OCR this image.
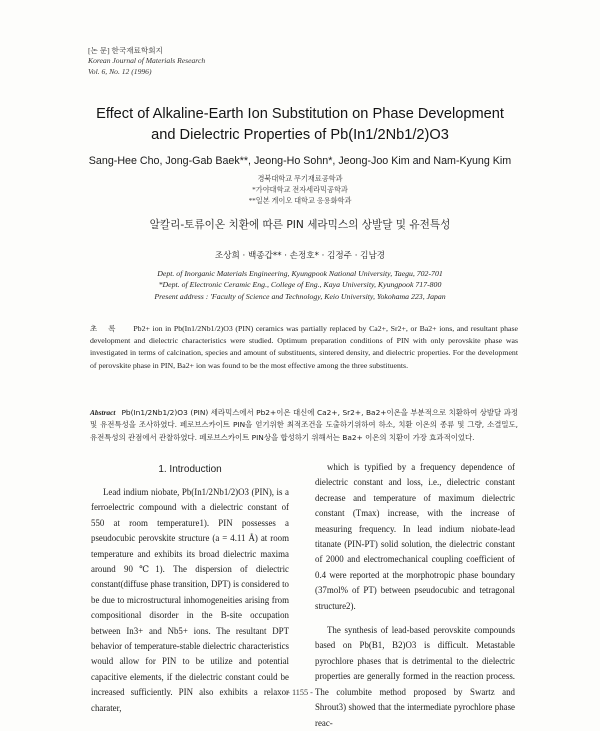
[논 문] 한국재료학회지
Korean Journal of Materials Research
Vol. 6, No. 12 (1996)
Effect of Alkaline-Earth Ion Substitution on Phase Development
and Dielectric Properties of Pb(In1/2Nb1/2)O3
Sang-Hee Cho, Jong-Gab Baek**, Jeong-Ho Sohn*, Jeong-Joo Kim and Nam-Kyung Kim
경북대학교 무기재료공학과
*가야대학교 전자세라믹공학과
**일본 게이오 대학교 응용화학과
알칼리-토류이온 치환에 따른 PIN 세라믹스의 상발달 및 유전특성
조상희 · 백종갑** · 손정호* · 김정주 · 김남경
Dept. of Inorganic Materials Engineering, Kyungpook National University, Taegu, 702-701
*Dept. of Electronic Ceramic Eng., College of Eng., Kaya University, Kyungpook 717-800
Present address : 'Faculty of Science and Technology, Keio University, Yokohama 223, Japan
초 록 Pb2+ ion in Pb(In1/2Nb1/2)O3 (PIN) ceramics was partially replaced by Ca2+, Sr2+, or Ba2+ ions, and resultant phase development and dielectric characteristics were studied. Optimum preparation conditions of PIN with only perovskite phase was investigated in terms of calcination, species and amount of substituents, sintered density, and dielectric properties. For the development of perovskite phase in PIN, Ba2+ ion was found to be the most effective among the three substituents.
Abstract Pb(In1/2Nb1/2)O3 (PIN) 세라믹스에서 Pb2+이온 대신에 Ca2+, Sr2+, Ba2+이온을 부분적으로 치환하여 상발달 과정 및 유전특성을 조사하였다. 페로브스카이트 PIN을 얻기위한 최적조건을 도출하기위하여 하소, 치환 이온의 종류 및 그량, 소결밀도, 유전특성의 관점에서 관찰하였다. 페로브스카이트 PIN상을 합성하기 위해서는 Ba2+ 이온의 치환이 가장 효과적이었다.
1. Introduction

Lead indium niobate, Pb(In1/2Nb1/2)O3 (PIN), is a ferroelectric compound with a dielectric constant of 550 at room temperature1). PIN possesses a pseudocubic perovskite structure (a = 4.11 Å) at room temperature and exhibits its broad dielectric maxima around 90℃1). The dispersion of dielectric constant(diffuse phase transition, DPT) is considered to be due to microstructural inhomogeneities arising from compositional disorder in the B-site occupation between In3+ and Nb5+ ions. The resultant DPT behavior of temperature-stable dielectric characteristics would allow for PIN to be utilize and potential capacitive elements, if the dielectric constant could be increased sufficiently. PIN also exhibits a relaxor charater,

which is typified by a frequency dependence of dielectric constant and loss, i.e., dielectric constant decrease and temperature of maximum dielectric constant (Tmax) increase, with the increase of measuring frequency. In lead indium niobate-lead titanate (PIN-PT) solid solution, the dielectric constant of 2000 and electromechanical coupling coefficient of 0.4 were reported at the morphotropic phase boundary (37mol% of PT) between pseudocubic and tetragonal structure2).

The synthesis of lead-based perovskite compounds based on Pb(B1, B2)O3 is difficult. Metastable pyrochlore phases that is detrimental to the dielectric properties are generally formed in the reaction process. The columbite method proposed by Swartz and Shrout3) showed that the intermediate pyrochlore phase reac-

- 1155 -
